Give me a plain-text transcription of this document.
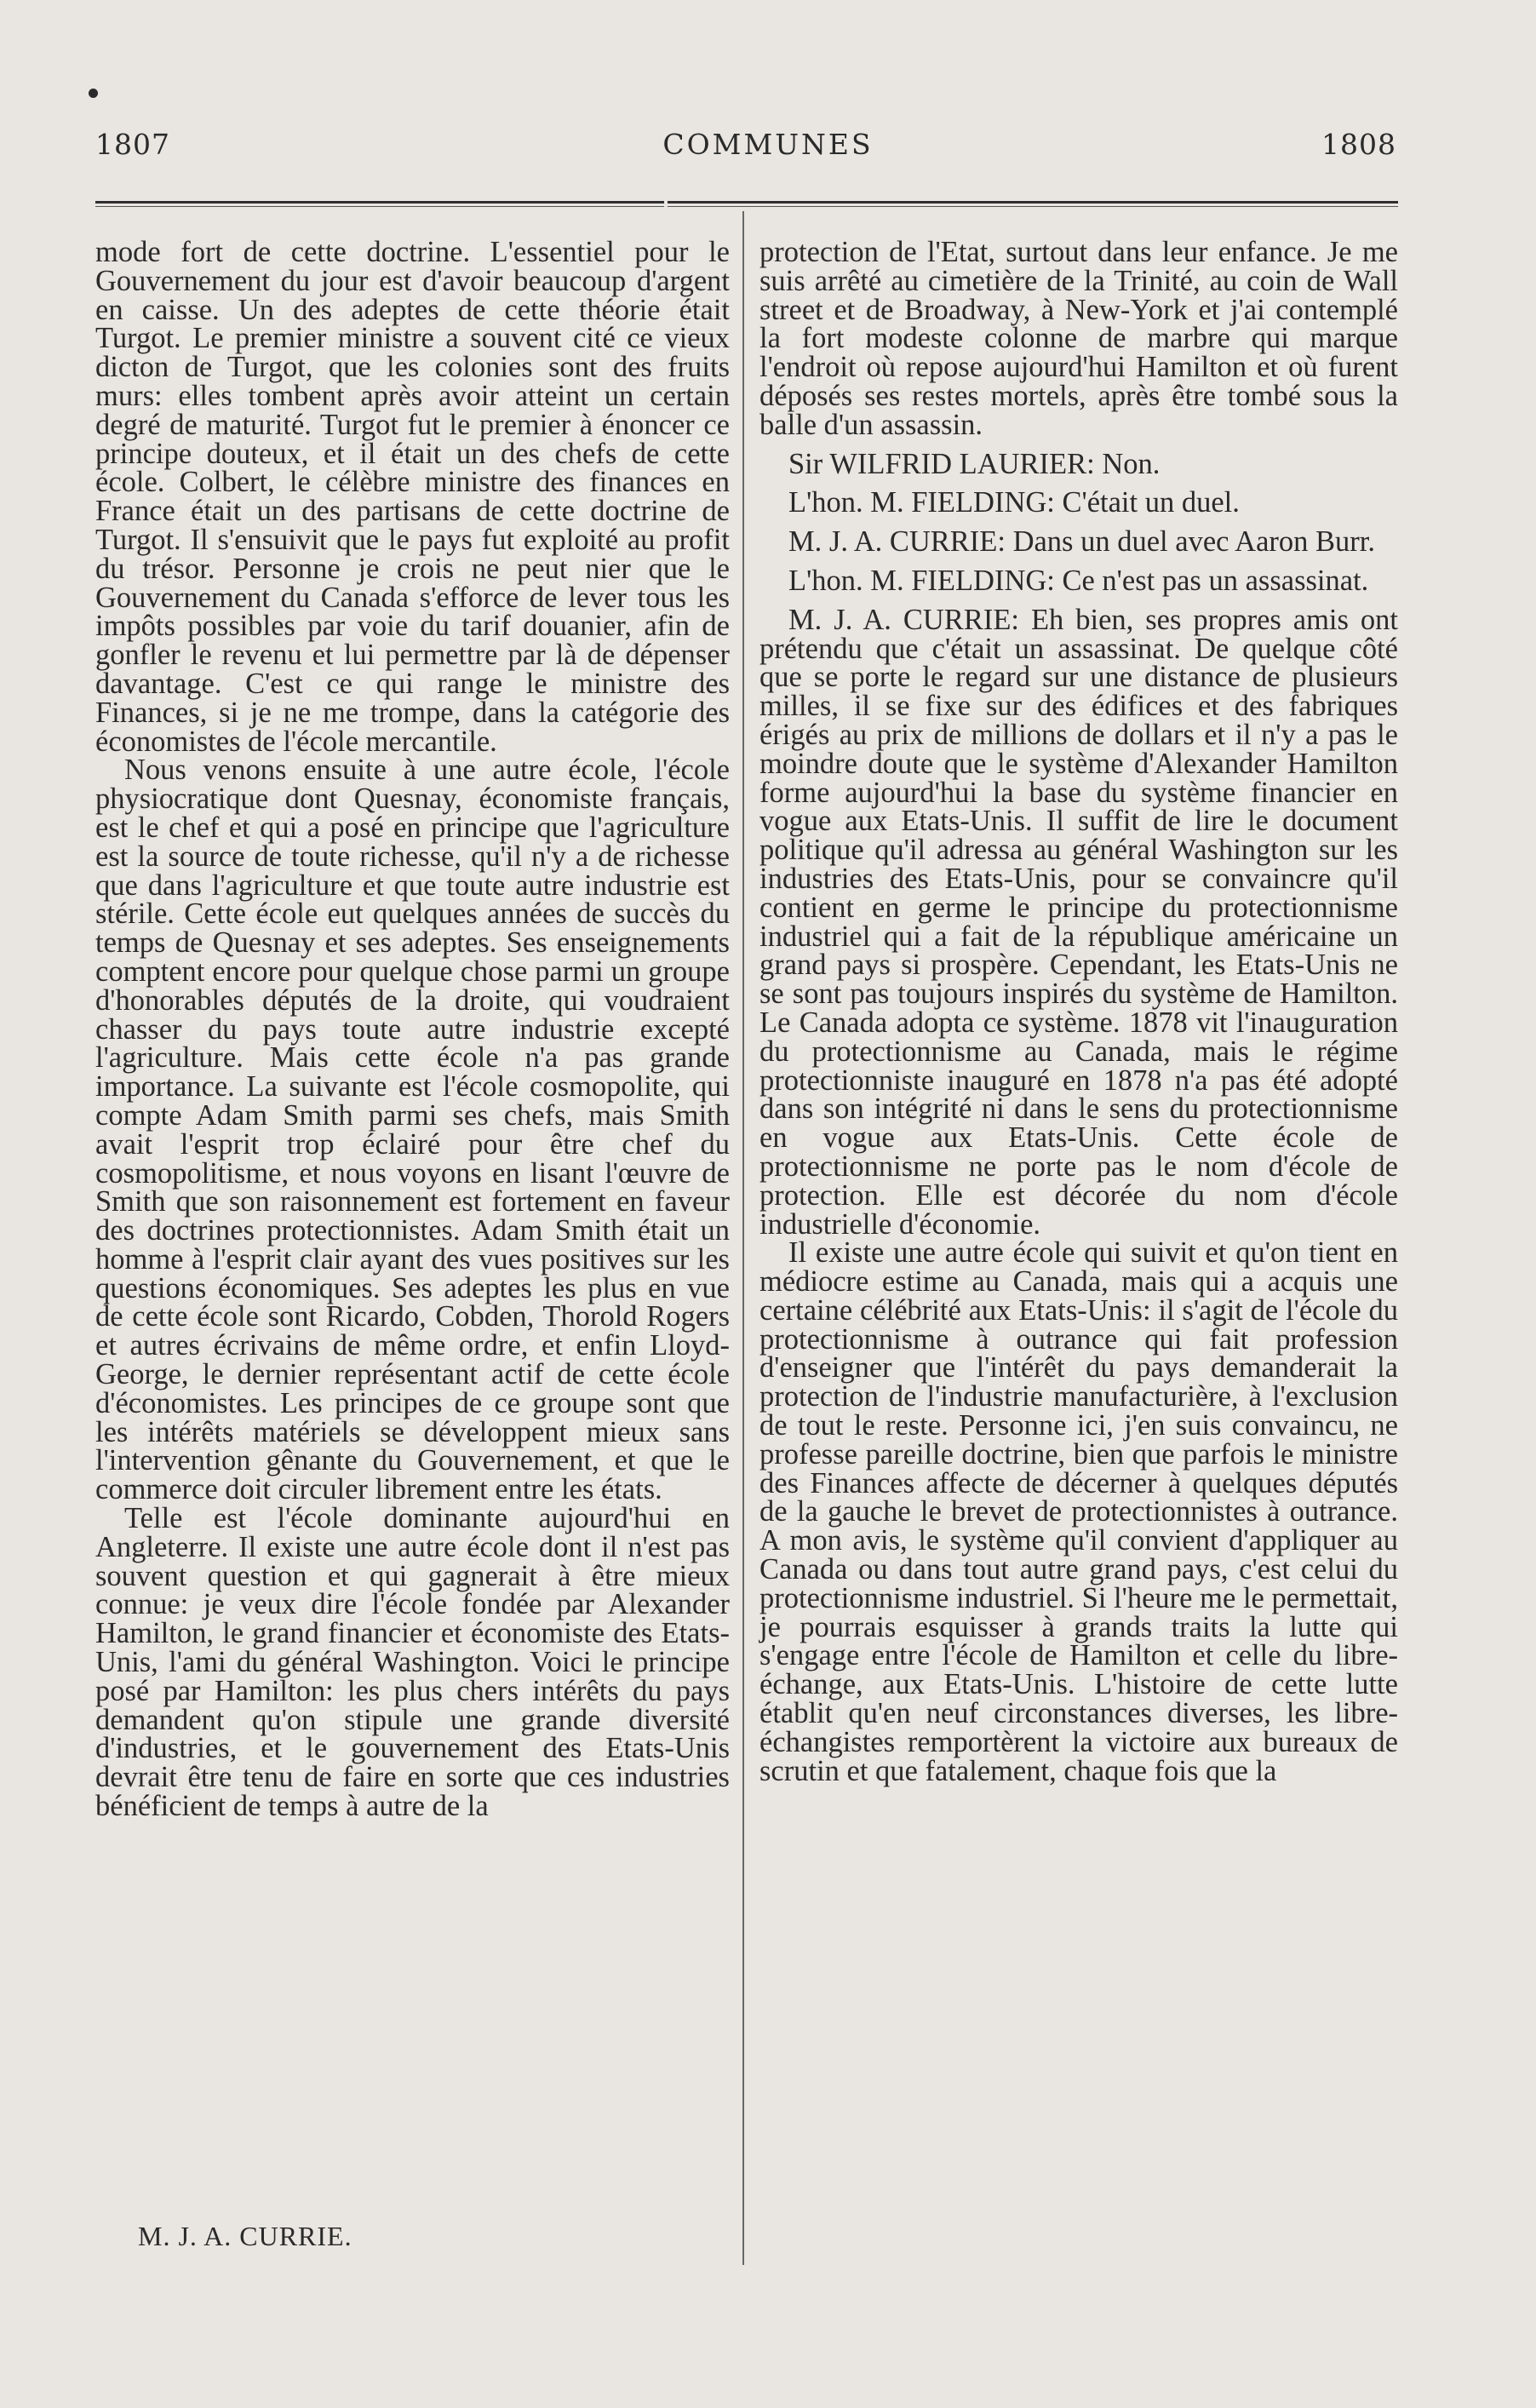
1807	COMMUNES	1808

mode fort de cette doctrine. L'essentiel pour le Gouvernement du jour est d'avoir beaucoup d'argent en caisse. Un des adeptes de cette théorie était Turgot. Le premier ministre a souvent cité ce vieux dicton de Turgot, que les colonies sont des fruits murs: elles tombent après avoir atteint un certain degré de maturité. Turgot fut le premier à énoncer ce principe douteux, et il était un des chefs de cette école. Colbert, le célèbre ministre des finances en France était un des partisans de cette doctrine de Turgot. Il s'ensuivit que le pays fut exploité au profit du trésor. Personne je crois ne peut nier que le Gouvernement du Canada s'efforce de lever tous les impôts possibles par voie du tarif douanier, afin de gonfler le revenu et lui permettre par là de dépenser davantage. C'est ce qui range le ministre des Finances, si je ne me trompe, dans la catégorie des économistes de l'école mercantile.

Nous venons ensuite à une autre école, l'école physiocratique dont Quesnay, économiste français, est le chef et qui a posé en principe que l'agriculture est la source de toute richesse, qu'il n'y a de richesse que dans l'agriculture et que toute autre industrie est stérile. Cette école eut quelques années de succès du temps de Quesnay et ses adeptes. Ses enseignements comptent encore pour quelque chose parmi un groupe d'honorables députés de la droite, qui voudraient chasser du pays toute autre industrie excepté l'agriculture. Mais cette école n'a pas grande importance. La suivante est l'école cosmopolite, qui compte Adam Smith parmi ses chefs, mais Smith avait l'esprit trop éclairé pour être chef du cosmopolitisme, et nous voyons en lisant l'œuvre de Smith que son raisonnement est fortement en faveur des doctrines protectionnistes. Adam Smith était un homme à l'esprit clair ayant des vues positives sur les questions économiques. Ses adeptes les plus en vue de cette école sont Ricardo, Cobden, Thorold Rogers et autres écrivains de même ordre, et enfin Lloyd-George, le dernier représentant actif de cette école d'économistes. Les principes de ce groupe sont que les intérêts matériels se développent mieux sans l'intervention gênante du Gouvernement, et que le commerce doit circuler librement entre les états.

Telle est l'école dominante aujourd'hui en Angleterre. Il existe une autre école dont il n'est pas souvent question et qui gagnerait à être mieux connue: je veux dire l'école fondée par Alexander Hamilton, le grand financier et économiste des Etats-Unis, l'ami du général Washington. Voici le principe posé par Hamilton: les plus chers intérêts du pays demandent qu'on stipule une grande diversité d'industries, et le gouvernement des Etats-Unis devrait être tenu de faire en sorte que ces industries bénéficient de temps à autre de la

M. J. A. CURRIE.

protection de l'Etat, surtout dans leur enfance. Je me suis arrêté au cimetière de la Trinité, au coin de Wall street et de Broadway, à New-York et j'ai contemplé la fort modeste colonne de marbre qui marque l'endroit où repose aujourd'hui Hamilton et où furent déposés ses restes mortels, après être tombé sous la balle d'un assassin.

Sir WILFRID LAURIER: Non.

L'hon. M. FIELDING: C'était un duel.

M. J. A. CURRIE: Dans un duel avec Aaron Burr.

L'hon. M. FIELDING: Ce n'est pas un assassinat.

M. J. A. CURRIE: Eh bien, ses propres amis ont prétendu que c'était un assassinat. De quelque côté que se porte le regard sur une distance de plusieurs milles, il se fixe sur des édifices et des fabriques érigés au prix de millions de dollars et il n'y a pas le moindre doute que le système d'Alexander Hamilton forme aujourd'hui la base du système financier en vogue aux Etats-Unis. Il suffit de lire le document politique qu'il adressa au général Washington sur les industries des Etats-Unis, pour se convaincre qu'il contient en germe le principe du protectionnisme industriel qui a fait de la république américaine un grand pays si prospère. Cependant, les Etats-Unis ne se sont pas toujours inspirés du système de Hamilton. Le Canada adopta ce système. 1878 vit l'inauguration du protectionnisme au Canada, mais le régime protectionniste inauguré en 1878 n'a pas été adopté dans son intégrité ni dans le sens du protectionnisme en vogue aux Etats-Unis. Cette école de protectionnisme ne porte pas le nom d'école de protection. Elle est décorée du nom d'école industrielle d'économie.

Il existe une autre école qui suivit et qu'on tient en médiocre estime au Canada, mais qui a acquis une certaine célébrité aux Etats-Unis: il s'agit de l'école du protectionnisme à outrance qui fait profession d'enseigner que l'intérêt du pays demanderait la protection de l'industrie manufacturière, à l'exclusion de tout le reste. Personne ici, j'en suis convaincu, ne professe pareille doctrine, bien que parfois le ministre des Finances affecte de décerner à quelques députés de la gauche le brevet de protectionnistes à outrance. A mon avis, le système qu'il convient d'appliquer au Canada ou dans tout autre grand pays, c'est celui du protectionnisme industriel. Si l'heure me le permettait, je pourrais esquisser à grands traits la lutte qui s'engage entre l'école de Hamilton et celle du libre-échange, aux Etats-Unis. L'histoire de cette lutte établit qu'en neuf circonstances diverses, les libre-échangistes remportèrent la victoire aux bureaux de scrutin et que fatalement, chaque fois que la
